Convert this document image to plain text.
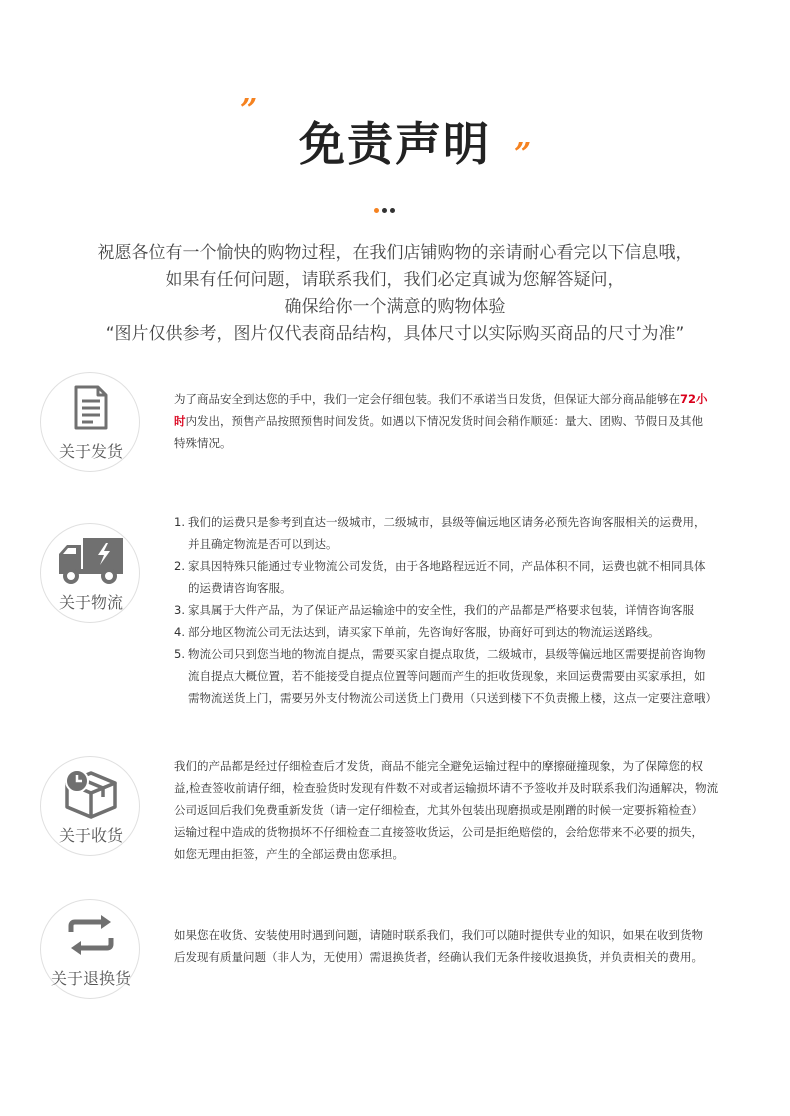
”
免责声明 ”
祝愿各位有一个愉快的购物过程，在我们店铺购物的亲请耐心看完以下信息哦，
如果有任何问题，请联系我们，我们必定真诚为您解答疑问，
确保给你一个满意的购物体验
“图片仅供参考，图片仅代表商品结构，具体尺寸以实际购买商品的尺寸为准”
关于发货
为了商品安全到达您的手中，我们一定会仔细包装。我们不承诺当日发货，但保证大部分商品能够在72小
时内发出，预售产品按照预售时间发货。如遇以下情况发货时间会稍作顺延：量大、团购、节假日及其他
特殊情况。
关于物流
1. 我们的运费只是参考到直达一级城市，二级城市，县级等偏远地区请务必预先咨询客服相关的运费用，
并且确定物流是否可以到达。
2. 家具因特殊只能通过专业物流公司发货，由于各地路程远近不同，产品体积不同，运费也就不相同具体
的运费请咨询客服。
3. 家具属于大件产品，为了保证产品运输途中的安全性，我们的产品都是严格要求包装，详情咨询客服
4. 部分地区物流公司无法达到，请买家下单前，先咨询好客服，协商好可到达的物流运送路线。
5. 物流公司只到您当地的物流自提点，需要买家自提点取货，二级城市，县级等偏远地区需要提前咨询物
流自提点大概位置，若不能接受自提点位置等问题而产生的拒收货现象，来回运费需要由买家承担，如
需物流送货上门，需要另外支付物流公司送货上门费用（只送到楼下不负责搬上楼，这点一定要注意哦）
关于收货
我们的产品都是经过仔细检查后才发货，商品不能完全避免运输过程中的摩擦碰撞现象，为了保障您的权
益,检查签收前请仔细，检查验货时发现有件数不对或者运输损坏请不予签收并及时联系我们沟通解决，物流
公司返回后我们免费重新发货（请一定仔细检查，尤其外包装出现磨损或是刚蹭的时候一定要拆箱检查）
运输过程中造成的货物损坏不仔细检查二直接签收货运，公司是拒绝赔偿的，会给您带来不必要的损失，
如您无理由拒签，产生的全部运费由您承担。
关于退换货
如果您在收货、安装使用时遇到问题，请随时联系我们，我们可以随时提供专业的知识，如果在收到货物
后发现有质量问题（非人为，无使用）需退换货者，经确认我们无条件接收退换货，并负责相关的费用。
